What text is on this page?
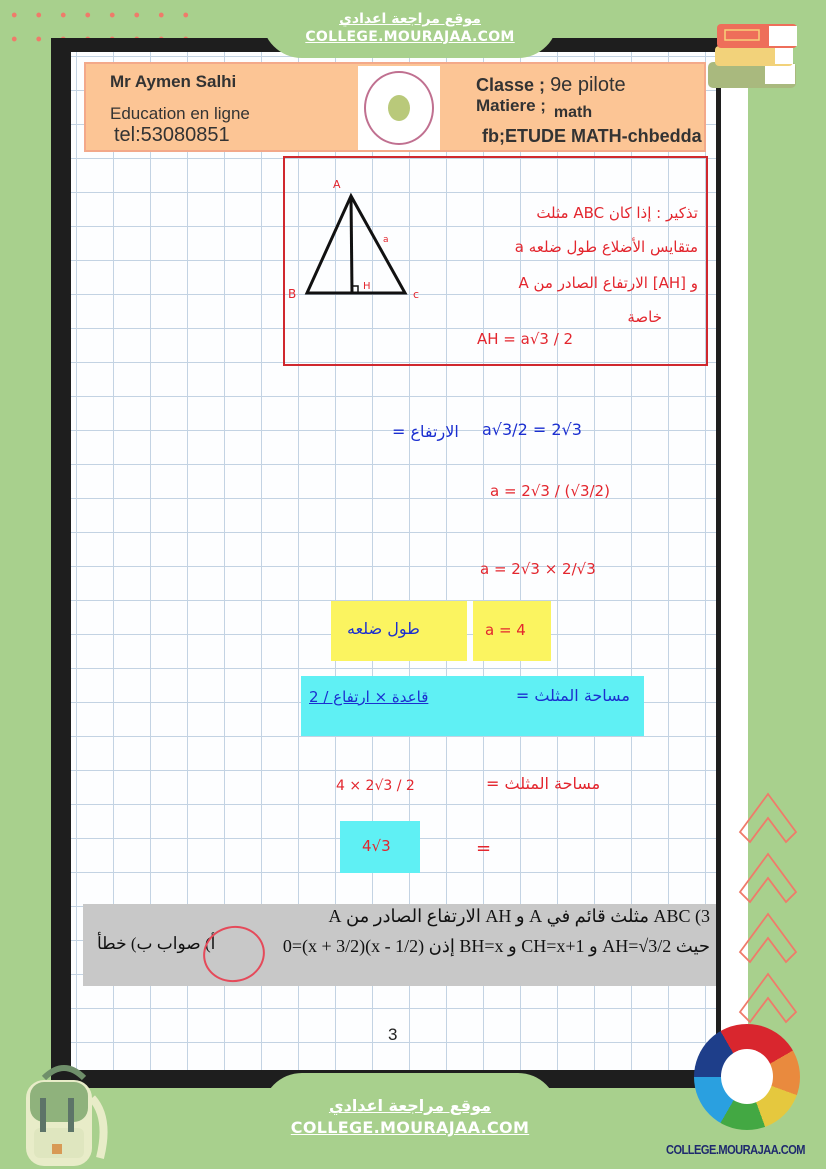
موقع مراجعة اعدادي
COLLEGE.MOURAJAA.COM
Mr Aymen Salhi
Education en ligne
tel:53080851
Classe ; 9e pilote
Matiere ; math
fb;ETUDE MATH-chbedda
A
B	c
H
a
تذكير : إذا كان ABC مثلث
متقايس الأضلاع طول ضلعه a
و [AH] الارتفاع الصادر من A
خاصة
AH = a√3 / 2
الارتفاع = a√3/2 = 2√3
a = 2√3 / (√3/2)
a = 2√3 × 2/√3
طول ضلعه	a = 4
مساحة المثلث =
قاعدة × ارتفاع / 2
مساحة المثلث =
4 × 2√3 / 2
4√3	=
3) ABC مثلث قائم في A و AH الارتفاع الصادر من A
حيث AH=√3/2 و CH=x+1 و BH=x إذن (x - 1/2)(x + 3/2)=0
أ) صواب ب) خطأ
3
موقع مراجعة اعدادي
COLLEGE.MOURAJAA.COM
COLLEGE.MOURAJAA.COM
